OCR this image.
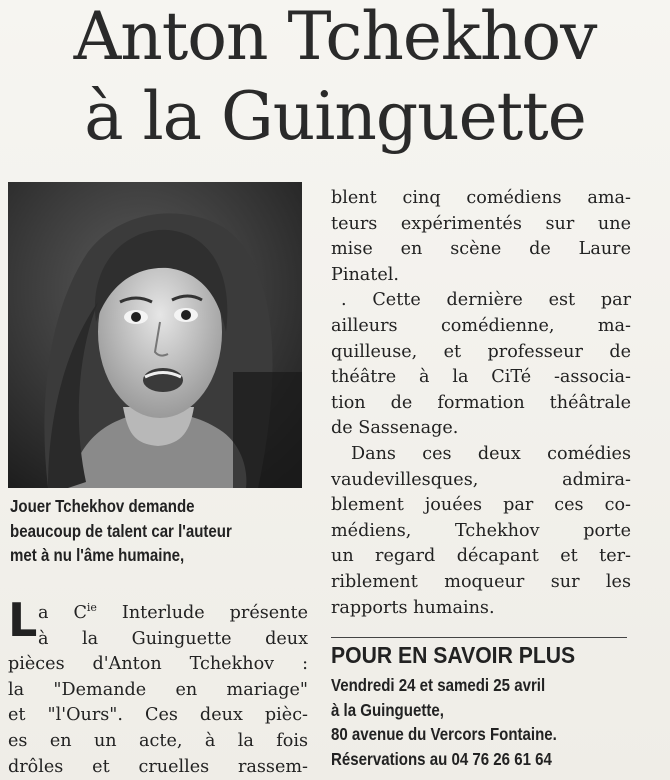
Anton Tchekhov
à la Guinguette

Jouer Tchekhov demande

beaucoup de talent car l'auteur

met à nu l'âme humaine,

L a $C^{ie}$ Interlude présente
à la Guinguette deux
pièces d'Anton Tchekhov :
la "Demande en mariage"
et "l'Ours". Ces deux pièc-
es en un acte, à la fois
drôles et cruelles rassem-
blent cinq comédiens ama-
teurs expérimentés sur une
mise en scène de Laure
Pinatel.
. Cette dernière est par
ailleurs comédienne, ma-
quilleuse, et professeur de
théâtre à la CiTé -associa-
tion de formation théâtrale
de Sassenage.
Dans ces deux comédies
vaudevillesques, admira-
blement jouées par ces co-
médiens, Tchekhov porte
un regard décapant et ter-
riblement moqueur sur les
rapports humains.
POUR EN SAVOIR PLUS

Vendredi 24 et samedi 25 avril

à la Guinguette,

80 avenue du Vercors Fontaine.

Réservations au 04 76 26 61 64
